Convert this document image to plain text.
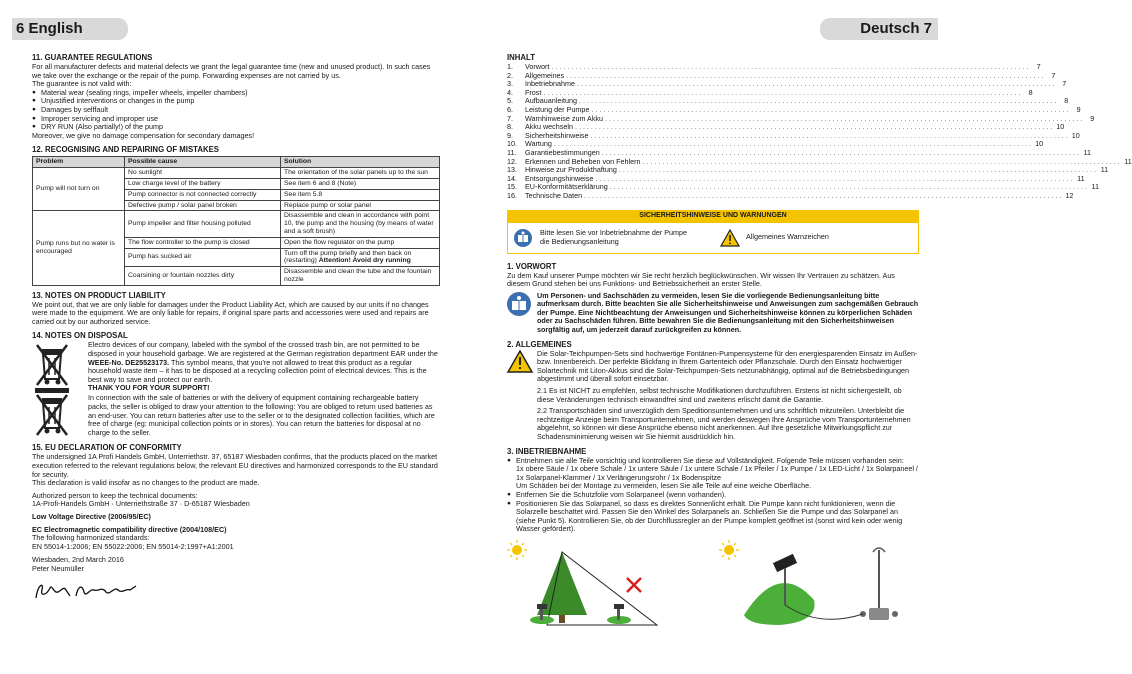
6 English	Deutsch 7
11. GUARANTEE REGULATIONS

For all manufacturer defects and material defects we grant the legal guarantee time (new and unused product). In such cases

we take over the exchange or the repair of the pump. Forwarding expenses are not carried by us.

The guarantee is not valid with:

● Material wear (sealing rings, impeller wheels, impeller chambers)
● Unjustified interventions or changes in the pump
● Damages by selffault
● Improper servicing and improper use
● DRY RUN (Also partially!) of the pump

Moreover, we give no damage compensation for secondary damages!

12. RECOGNISING AND REPAIRING OF MISTAKES
Problem	Possible cause	Solution
Pump will not turn on	No sunlight	The orientation of the solar panels up to the sun
	Low charge level of the battery	See item 6 and 8 (Note)
	Pump connector is not connected correctly	See item 5.8
	Defective pump / solar panel broken	Replace pump or solar panel
Pump runs but no water is encouraged	Pump impeller and filter housing polluted	Disassemble and clean in accordance with point 10, the pump and the housing (by means of water and a soft brush)
	The flow controller to the pump is closed	Open the flow regulator on the pump
	Pump has sucked air	Turn off the pump briefly and then back on (restarting) Attention! Avoid dry running
	Coarsining or fountain nozzles dirty	Disassemble and clean the tube and the fountain nozzle
13. NOTES ON PRODUCT LIABILITY

We point out, that we are only liable for damages under the Product Liability Act, which are caused by our units if no changes were made to the equipment. We are only liable for repairs, if original spare parts and accessories were used and repairs are carried out by our authorized service.

14. NOTES ON DISPOSAL
Electro devices of our company, labeled with the symbol of the crossed trash bin, are not permitted to be disposed in your household garbage. We are registered at the German registration department EAR under the WEEE-No. DE25523173. This symbol means, that you're not allowed to treat this product as a regular household waste item – it has to be disposed at a recycling collection point of electrical devices. This is the best way to save and protect our earth.
THANK YOU FOR YOUR SUPPORT!
In connection with the sale of batteries or with the delivery of equipment containing rechargeable battery packs, the seller is obliged to draw your attention to the following: You are obliged to return used batteries as an end-user. You can return batteries after use to the seller or to the designated collection facilities, which are free of charge (eg: municipal collection points or in stores). You can return the batteries for disposal at no charge to the seller.
15. EU DECLARATION OF CONFORMITY

The undersigned 1A Profi Handels GmbH, Unterriethstr. 37, 65187 Wiesbaden confirms, that the products placed on the market execution referred to the relevant regulations below, the relevant EU directives and harmonized corresponds to the EU standard for security.

This declaration is valid insofar as no changes to the product are made.

Authorized person to keep the technical documents:

1A-Profi-Handels GmbH · Unterriethstraße 37 · D-65187 Wiesbaden

Low Voltage Directive (2006/95/EC)

EC Electromagnetic compatibility directive (2004/108/EC)

The following harmonized standards:

EN 55014-1:2006; EN 55022:2006; EN 55014-2:1997+A1:2001

Wiesbaden, 2nd March 2016

Peter Neumüller

INHALT
1.	Vorwort . . . . . . . . . . . . . . . . . . . . . . . . . . . . . . . . . . . . . . . . . . . . . . . . . . . . . . . . . . . . . . . . . . . . . . . . . . . . . . . . . . . . . . . . . . . . . . . . . . . . . . . . . . . . . . . . . . . . . . . .	7
2.	Allgemeines . . . . . . . . . . . . . . . . . . . . . . . . . . . . . . . . . . . . . . . . . . . . . . . . . . . . . . . . . . . . . . . . . . . . . . . . . . . . . . . . . . . . . . . . . . . . . . . . . . . . . . . . . . . . . . . . . . . . . . . .	7
3.	Inbetriebnahme . . . . . . . . . . . . . . . . . . . . . . . . . . . . . . . . . . . . . . . . . . . . . . . . . . . . . . . . . . . . . . . . . . . . . . . . . . . . . . . . . . . . . . . . . . . . . . . . . . . . . . . . . . . . . . . . . . . . . . . .	7
4.	Frost . . . . . . . . . . . . . . . . . . . . . . . . . . . . . . . . . . . . . . . . . . . . . . . . . . . . . . . . . . . . . . . . . . . . . . . . . . . . . . . . . . . . . . . . . . . . . . . . . . . . . . . . . . . . . . . . . . . . . . . .	8
5.	Aufbauanleitung . . . . . . . . . . . . . . . . . . . . . . . . . . . . . . . . . . . . . . . . . . . . . . . . . . . . . . . . . . . . . . . . . . . . . . . . . . . . . . . . . . . . . . . . . . . . . . . . . . . . . . . . . . . . . . . . . . . . . . . .	8
6.	Leistung der Pumpe . . . . . . . . . . . . . . . . . . . . . . . . . . . . . . . . . . . . . . . . . . . . . . . . . . . . . . . . . . . . . . . . . . . . . . . . . . . . . . . . . . . . . . . . . . . . . . . . . . . . . . . . . . . . . . . . . . . . . . . .	9
7.	Warnhinweise zum Akku . . . . . . . . . . . . . . . . . . . . . . . . . . . . . . . . . . . . . . . . . . . . . . . . . . . . . . . . . . . . . . . . . . . . . . . . . . . . . . . . . . . . . . . . . . . . . . . . . . . . . . . . . . . . . . . . . . . . . . . .	9
8.	Akku wechseln . . . . . . . . . . . . . . . . . . . . . . . . . . . . . . . . . . . . . . . . . . . . . . . . . . . . . . . . . . . . . . . . . . . . . . . . . . . . . . . . . . . . . . . . . . . . . . . . . . . . . . . . . . . . . . . . . . . . . . . . 10
9.	Sicherheitshinweise . . . . . . . . . . . . . . . . . . . . . . . . . . . . . . . . . . . . . . . . . . . . . . . . . . . . . . . . . . . . . . . . . . . . . . . . . . . . . . . . . . . . . . . . . . . . . . . . . . . . . . . . . . . . . . . . . . . . . . . . 10
10.	Wartung . . . . . . . . . . . . . . . . . . . . . . . . . . . . . . . . . . . . . . . . . . . . . . . . . . . . . . . . . . . . . . . . . . . . . . . . . . . . . . . . . . . . . . . . . . . . . . . . . . . . . . . . . . . . . . . . . . . . . . . . 10
11.	Garantiebestimmungen . . . . . . . . . . . . . . . . . . . . . . . . . . . . . . . . . . . . . . . . . . . . . . . . . . . . . . . . . . . . . . . . . . . . . . . . . . . . . . . . . . . . . . . . . . . . . . . . . . . . . . . . . . . . . . . . . . . . . . . . 11
12.	Erkennen und Beheben von Fehlern . . . . . . . . . . . . . . . . . . . . . . . . . . . . . . . . . . . . . . . . . . . . . . . . . . . . . . . . . . . . . . . . . . . . . . . . . . . . . . . . . . . . . . . . . . . . . . . . . . . . . . . . . . . . . . . . . . . . . . . . 11
13.	Hinweise zur Produkthaftung . . . . . . . . . . . . . . . . . . . . . . . . . . . . . . . . . . . . . . . . . . . . . . . . . . . . . . . . . . . . . . . . . . . . . . . . . . . . . . . . . . . . . . . . . . . . . . . . . . . . . . . . . . . . . . . . . . . . . . . . 11
14.	Entsorgungshinweise . . . . . . . . . . . . . . . . . . . . . . . . . . . . . . . . . . . . . . . . . . . . . . . . . . . . . . . . . . . . . . . . . . . . . . . . . . . . . . . . . . . . . . . . . . . . . . . . . . . . . . . . . . . . . . . . . . . . . . . . 11
15.	EU-Konformitätserklärung . . . . . . . . . . . . . . . . . . . . . . . . . . . . . . . . . . . . . . . . . . . . . . . . . . . . . . . . . . . . . . . . . . . . . . . . . . . . . . . . . . . . . . . . . . . . . . . . . . . . . . . . . . . . . . . . . . . . . . . . 11
16.	Technische Daten . . . . . . . . . . . . . . . . . . . . . . . . . . . . . . . . . . . . . . . . . . . . . . . . . . . . . . . . . . . . . . . . . . . . . . . . . . . . . . . . . . . . . . . . . . . . . . . . . . . . . . . . . . . . . . . . . . . . . . . . 12
SICHERHEITSHINWEISE UND WARNUNGEN
Bitte lesen Sie vor Inbetriebnahme der Pumpe die Bedienungsanleitung	Allgemeines Warnzeichen
1. VORWORT

Zu dem Kauf unserer Pumpe möchten wir Sie recht herzlich beglückwünschen. Wir wissen Ihr Vertrauen zu schätzen. Aus diesem Grund stehen bei uns Funktions- und Betriebssicherheit an erster Stelle.

Um Personen- und Sachschäden zu vermeiden, lesen Sie die vorliegende Bedienungsanleitung bitte aufmerksam durch. Bitte beachten Sie alle Sicherheitshinweise und Anweisungen zum sachgemäßen Gebrauch der Pumpe. Eine Nichtbeachtung der Anweisungen und Sicherheitshinweise können zu körperlichen Schäden oder zu Sachschäden führen. Bitte bewahren Sie die Bedienungsanleitung mit den Sicherheitshinweisen sorgfältig auf, um jederzeit darauf zurückgreifen zu können.

2. ALLGEMEINES

Die Solar-Teichpumpen-Sets sind hochwertige Fontänen-Pumpensysteme für den energiesparenden Einsatz im Außen- bzw. Innenbereich. Der perfekte Blickfang in Ihrem Gartenteich oder Pflanzschale. Durch den Einsatz hochwertiger Solartechnik mit LiIon-Akkus sind die Solar-Teichpumpen-Sets netzunabhängig, optimal auf die Betriebsbedingungen abgestimmt und überall sofort einsetzbar.

2.1 Es ist NICHT zu empfehlen, selbst technische Modifikationen durchzuführen. Erstens ist nicht sichergestellt, ob diese Veränderungen technisch einwandfrei sind und zweitens erlischt damit die Garantie.

2.2 Transportschäden sind unverzüglich dem Speditionsunternehmen und uns schriftlich mitzuteilen. Unterbleibt die rechtzeitige Anzeige beim Transportunternehmen, und werden deswegen Ihre Ansprüche vom Transportunternehmen abgelehnt, so können wir diese Ansprüche ebenso nicht anerkennen. Auf Ihre gesetzliche Mitwirkungspflicht zur Schadensminimierung weisen wir Sie hiermit ausdrücklich hin.

3. INBETRIEBNAHME
● Entnehmen sie alle Teile vorsichtig und kontrollieren Sie diese auf Vollständigkeit. Folgende Teile müssen vorhanden sein:
1x obere Säule / 1x obere Schale / 1x untere Säule / 1x untere Schale / 1x Pfeiler / 1x Pumpe / 1x LED-Licht / 1x Solarpaneel / 1x Solarpanel-Klammer / 1x Verlängerungsrohr / 1x Bodenspitze
Um Schäden bei der Montage zu vermeiden, lesen Sie alle Teile auf eine weiche Oberfläche.
● Entfernen Sie die Schutzfolie vom Solarpaneel (wenn vorhanden).
● Positionieren Sie das Solarpanel, so dass es direktes Sonnenlicht erhält. Die Pumpe kann nicht funktionieren, wenn die Solarzelle beschattet wird. Passen Sie den Winkel des Solarpanels an. Schließen Sie die Pumpe und das Solarpanel an (siehe Punkt 5). Kontrollieren Sie, ob der Durchflussregler an der Pumpe komplett geöffnet ist (sonst wird kein oder wenig Wasser gefördert).
